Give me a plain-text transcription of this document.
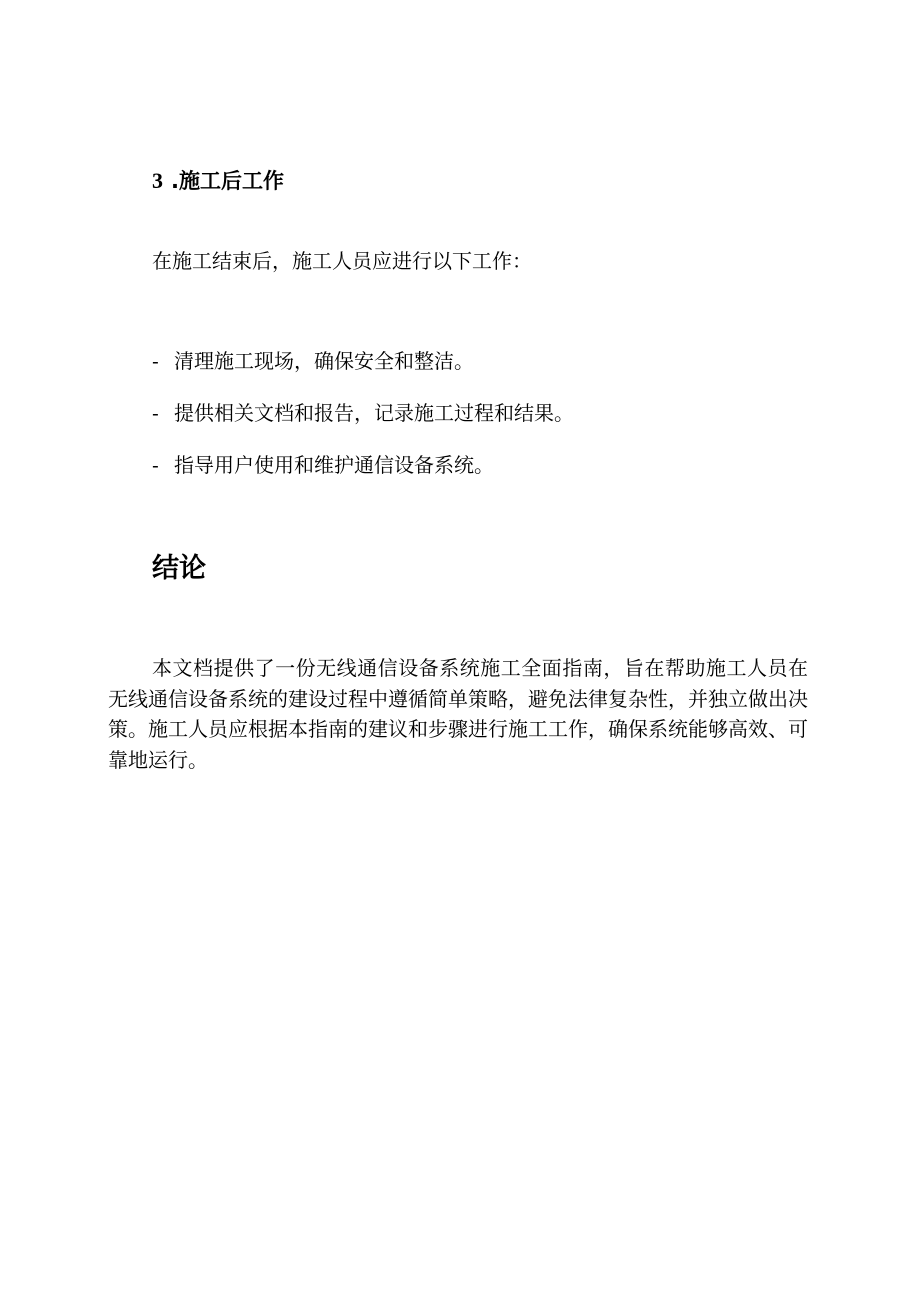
3 .施工后工作

在施工结束后，施工人员应进行以下工作：

- 清理施工现场，确保安全和整洁。

- 提供相关文档和报告，记录施工过程和结果。

- 指导用户使用和维护通信设备系统。

结论

本文档提供了一份无线通信设备系统施工全面指南，旨在帮助施工人员在无线通信设备系统的建设过程中遵循简单策略，避免法律复杂性，并独立做出决策。施工人员应根据本指南的建议和步骤进行施工工作，确保系统能够高效、可靠地运行。
